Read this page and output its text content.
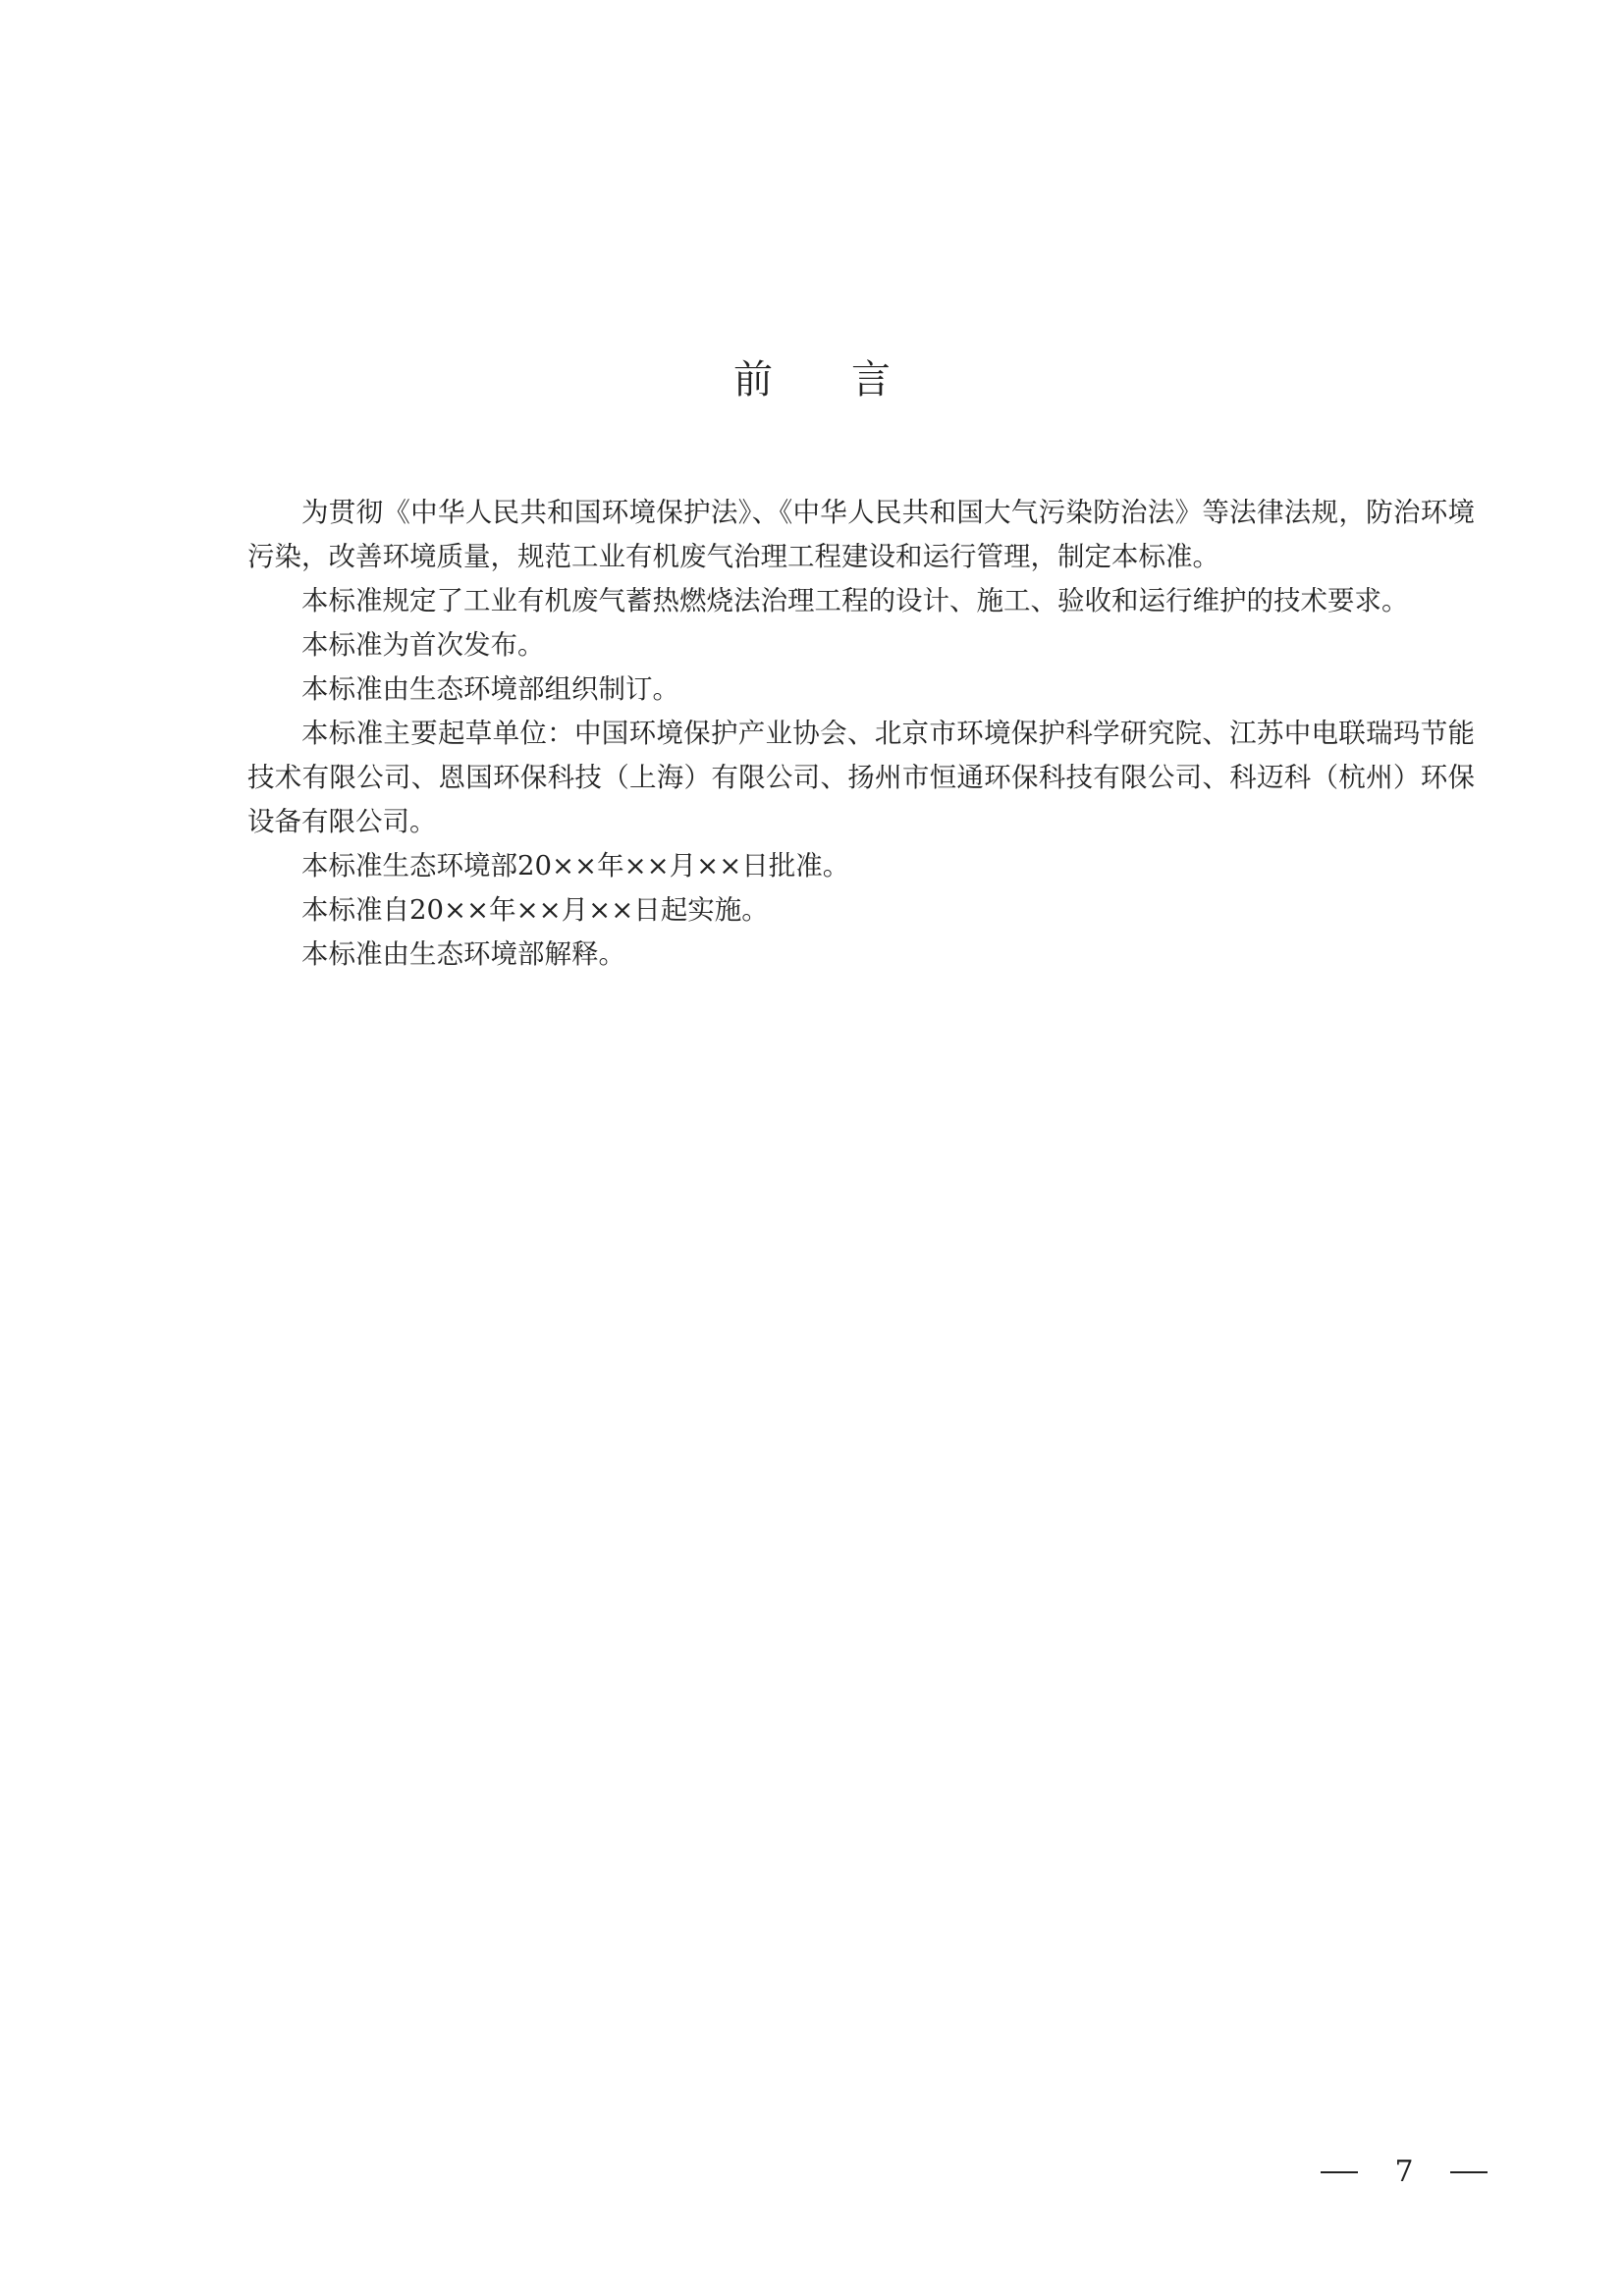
前言

为贯彻《中华人民共和国环境保护法》、《中华人民共和国大气污染防治法》等法律法规，防治环境污染，改善环境质量，规范工业有机废气治理工程建设和运行管理，制定本标准。

本标准规定了工业有机废气蓄热燃烧法治理工程的设计、施工、验收和运行维护的技术要求。

本标准为首次发布。

本标准由生态环境部组织制订。

本标准主要起草单位：中国环境保护产业协会、北京市环境保护科学研究院、江苏中电联瑞玛节能技术有限公司、恩国环保科技（上海）有限公司、扬州市恒通环保科技有限公司、科迈科（杭州）环保设备有限公司。

本标准生态环境部20××年××月××日批准。

本标准自20××年××月××日起实施。

本标准由生态环境部解释。

7
